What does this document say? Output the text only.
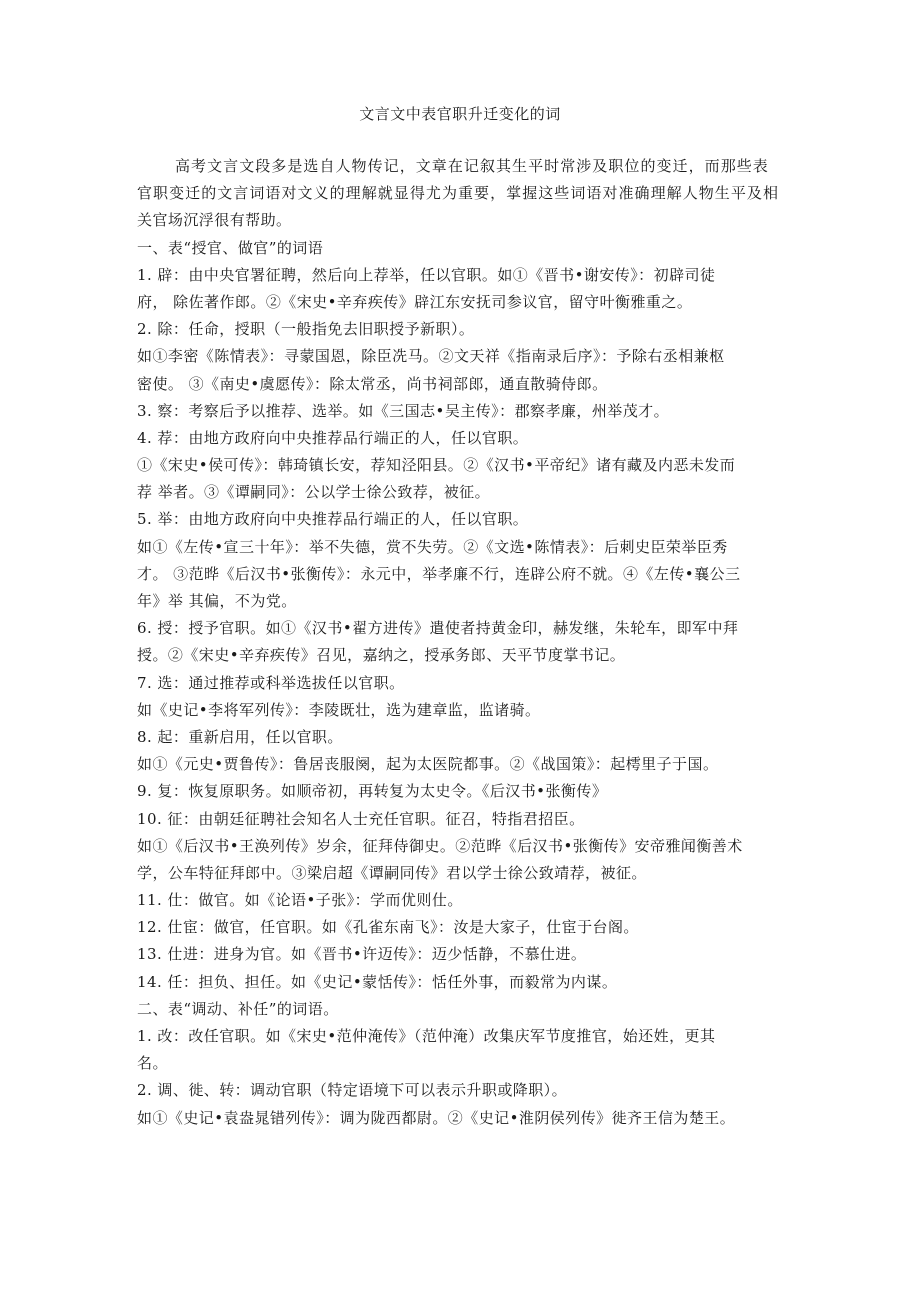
文言文中表官职升迁变化的词
高考文言文段多是选自人物传记，文章在记叙其生平时常涉及职位的变迁，而那些表
官职变迁的文言词语对文义的理解就显得尤为重要，掌握这些词语对准确理解人物生平及相
关官场沉浮很有帮助。
一、表“授官、做官”的词语
1. 辟：由中央官署征聘，然后向上荐举，任以官职。如①《晋书•谢安传》：初辟司徒
府， 除佐著作郎。②《宋史•辛弃疾传》辟江东安抚司参议官，留守叶衡雅重之。
2. 除：任命，授职（一般指免去旧职授予新职）。
如①李密《陈情表》：寻蒙国恩，除臣冼马。②文天祥《指南录后序》：予除右丞相兼枢
密使。 ③《南史•虞愿传》：除太常丞，尚书祠部郎，通直散骑侍郎。
3. 察：考察后予以推荐、选举。如《三国志•吴主传》：郡察孝廉，州举茂才。
4. 荐：由地方政府向中央推荐品行端正的人，任以官职。
①《宋史•侯可传》：韩琦镇长安，荐知泾阳县。②《汉书•平帝纪》诸有藏及内恶未发而
荐 举者。③《谭嗣同》：公以学士徐公致荐，被征。
5. 举：由地方政府向中央推荐品行端正的人，任以官职。
如①《左传•宣三十年》：举不失德，赏不失劳。②《文选•陈情表》：后刺史臣荣举臣秀
才。 ③范晔《后汉书•张衡传》：永元中，举孝廉不行，连辟公府不就。④《左传•襄公三
年》举 其偏，不为党。
6. 授：授予官职。如①《汉书•翟方进传》遣使者持黄金印，赫发继，朱轮车，即军中拜
授。②《宋史•辛弃疾传》召见，嘉纳之，授承务郎、天平节度掌书记。
7. 选：通过推荐或科举选拔任以官职。
如《史记•李将军列传》：李陵既壮，选为建章监，监诸骑。
8. 起：重新启用，任以官职。
如①《元史•贾鲁传》：鲁居丧服阕，起为太医院都事。②《战国策》：起樗里子于国。
9. 复：恢复原职务。如顺帝初，再转复为太史令。《后汉书•张衡传》
10. 征：由朝廷征聘社会知名人士充任官职。征召，特指君招臣。
如①《后汉书•王涣列传》岁余，征拜侍御史。②范晔《后汉书•张衡传》安帝雅闻衡善术
学，公车特征拜郎中。③梁启超《谭嗣同传》君以学士徐公致靖荐，被征。
11. 仕：做官。如《论语•子张》：学而优则仕。
12. 仕宦：做官，任官职。如《孔雀东南飞》：汝是大家子，仕宦于台阁。
13. 仕进：进身为官。如《晋书•许迈传》：迈少恬静，不慕仕进。
14. 任：担负、担任。如《史记•蒙恬传》：恬任外事，而毅常为内谋。
二、表“调动、补任”的词语。
1. 改：改任官职。如《宋史•范仲淹传》（范仲淹）改集庆军节度推官，始还姓，更其
名。
2. 调、徙、转：调动官职（特定语境下可以表示升职或降职）。
如①《史记•袁盎晁错列传》：调为陇西都尉。②《史记•淮阴侯列传》徙齐王信为楚王。
